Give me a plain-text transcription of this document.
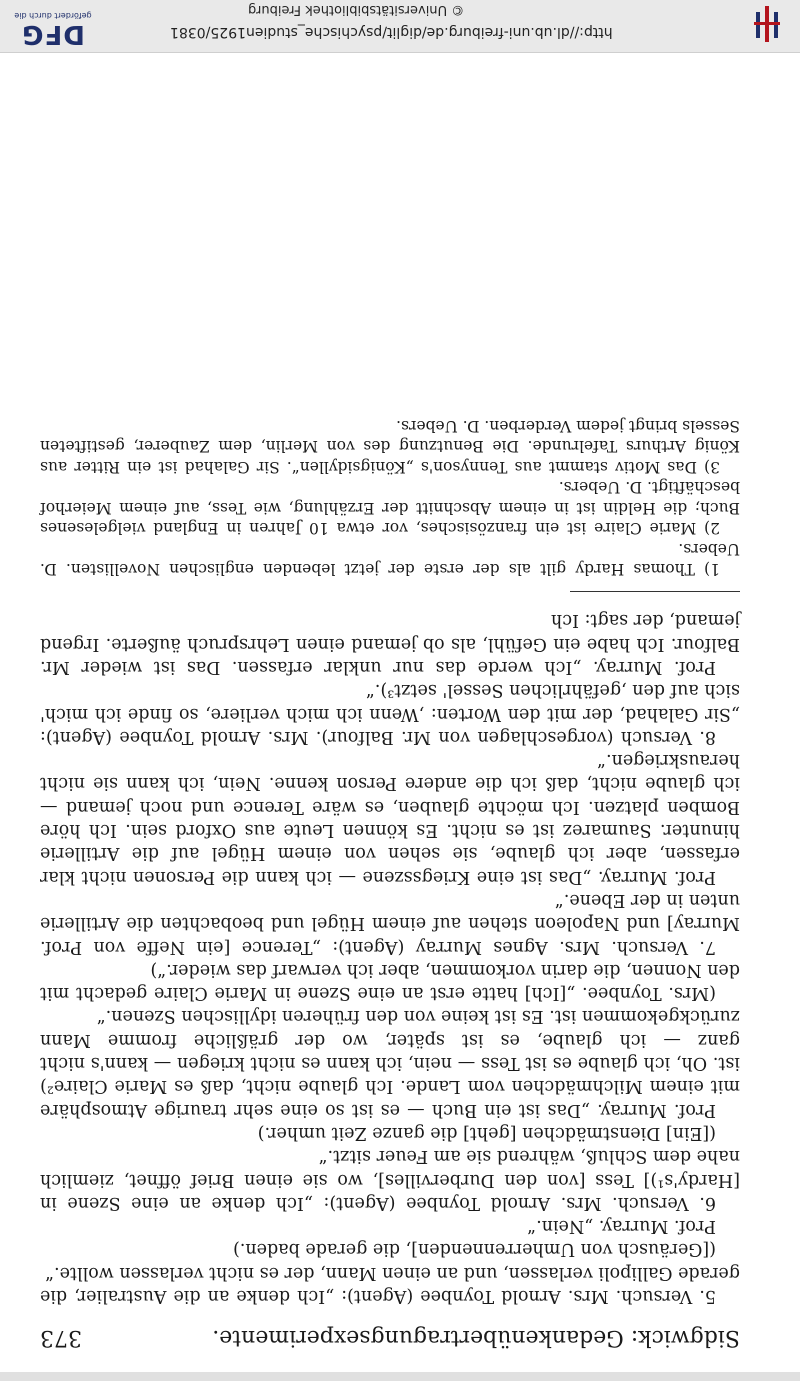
DFG
gefördert durch die	© Universitätsbibliothek Freiburg
http://dl.ub.uni-freiburg.de/diglit/psychische_studien1925/0381
Sidgwick: Gedankenübertragungsexperimente.
373

5. Versuch. Mrs. Arnold Toynbee (Agent): „Ich denke an die Australier, die gerade Gallipoli verlassen, und an einen Mann, der es nicht verlassen wollte.“

([Geräusch von Umherrennenden], die gerade baden.)

Prof. Murray. „Nein.“

6. Versuch. Mrs. Arnold Toynbee (Agent): „Ich denke an eine Szene in [Hardy's¹)] Tess [von den Durbervilles], wo sie einen Brief öffnet, ziemlich nahe dem Schluß, während sie am Feuer sitzt.“

([Ein] Dienstmädchen [geht] die ganze Zeit umher.)

Prof. Murray. „Das ist ein Buch — es ist so eine sehr traurige Atmosphäre mit einem Milchmädchen vom Lande. Ich glaube nicht, daß es Marie Claire²) ist. Oh, ich glaube es ist Tess — nein, ich kann es nicht kriegen — kann's nicht ganz — ich glaube, es ist später, wo der gräßliche fromme Mann zurückgekommen ist. Es ist keine von den früheren idyllischen Szenen.“

(Mrs. Toynbee. „[Ich] hatte erst an eine Szene in Marie Claire gedacht mit den Nonnen, die darin vorkommen, aber ich verwarf das wieder.“)

7. Versuch. Mrs. Agnes Murray (Agent): „Terence [ein Neffe von Prof. Murray] und Napoleon stehen auf einem Hügel und beobachten die Artillerie unten in der Ebene.“

Prof. Murray. „Das ist eine Kriegsszene — ich kann die Personen nicht klar erfassen, aber ich glaube, sie sehen von einem Hügel auf die Artillerie hinunter. Saumarez ist es nicht. Es können Leute aus Oxford sein. Ich höre Bomben platzen. Ich möchte glauben, es wäre Terence und noch jemand — ich glaube nicht, daß ich die andere Person kenne. Nein, ich kann sie nicht herauskriegen.“

8. Versuch (vorgeschlagen von Mr. Balfour). Mrs. Arnold Toynbee (Agent): „Sir Galahad, der mit den Worten: ,Wenn ich mich verliere, so finde ich mich' sich auf den ,gefährlichen Sessel' setzt³).“

Prof. Murray. „Ich werde das nur unklar erfassen. Das ist wieder Mr. Balfour. Ich habe ein Gefühl, als ob jemand einen Lehrspruch äußerte. Irgend jemand, der sagt: Ich

1) Thomas Hardy gilt als der erste der jetzt lebenden englischen Novellisten. D. Uebers.

2) Marie Claire ist ein französisches, vor etwa 10 Jahren in England vielgelesenes Buch; die Heldin ist in einem Abschnitt der Erzählung, wie Tess, auf einem Meierhof beschäftigt. D. Uebers.

3) Das Motiv stammt aus Tennyson's „Königsidyllen“. Sir Galahad ist ein Ritter aus König Arthurs Tafelrunde. Die Benutzung des von Merlin, dem Zauberer, gestifteten Sessels bringt jedem Verderben. D. Uebers.
